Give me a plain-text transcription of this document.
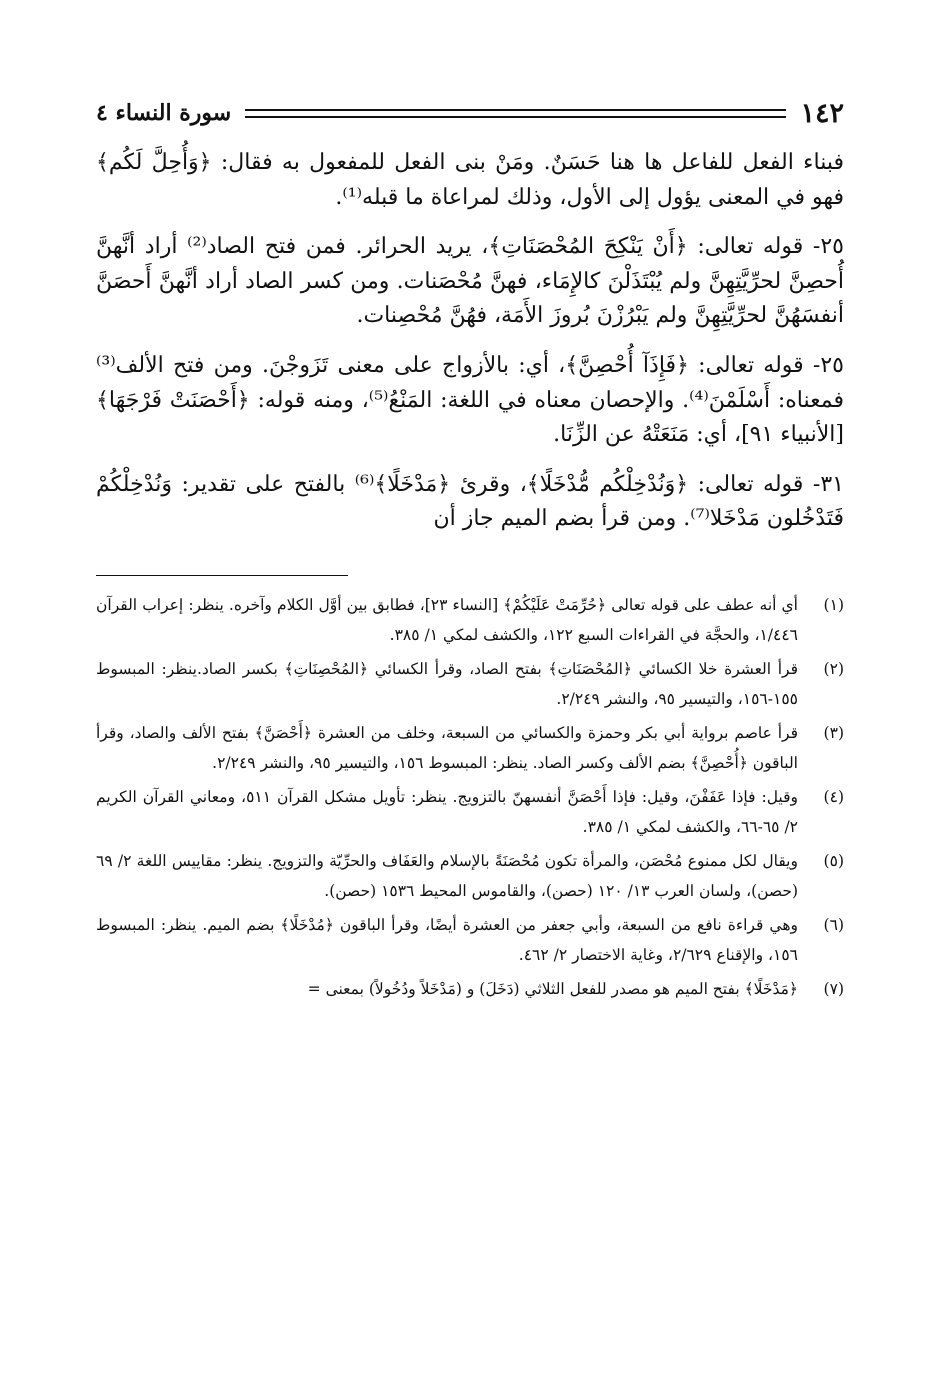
١٤٢
سورة النساء ٤

فبناء الفعل للفاعل ها هنا حَسَنٌ. ومَنْ بنى الفعل للمفعول به فقال: ﴿وَأُحِلَّ لَكُم﴾ فهو في المعنى يؤول إلى الأول، وذلك لمراعاة ما قبله⁽¹⁾.

٢٥- قوله تعالى: ﴿أَنْ يَنْكِحَ المُحْصَنَاتِ﴾، يريد الحرائر. فمن فتح الصاد⁽²⁾ أراد أنَّهنَّ أُحصِنَّ لحرِّيَّتِهِنَّ ولم يُبْتَذَلْنَ كالإِمَاء، فهنَّ مُحْصَنات. ومن كسر الصاد أراد أنَّهنَّ أَحصَنَّ أنفسَهُنَّ لحرِّيَّتِهِنَّ ولم يَبْرُزْنَ بُروزَ الأَمَة، فهُنَّ مُحْصِنات.

٢٥- قوله تعالى: ﴿فَإِذَآ أُحْصِنَّ﴾، أي: بالأزواج على معنى تَزَوجْنَ. ومن فتح الألف⁽³⁾ فمعناه: أَسْلَمْنَ⁽⁴⁾. والإحصان معناه في اللغة: المَنْعُ⁽⁵⁾، ومنه قوله: ﴿أَحْصَنَتْ فَرْجَهَا﴾ [الأنبياء ٩١]، أي: مَنَعَتْهُ عن الزِّنَا.

٣١- قوله تعالى: ﴿وَنُدْخِلْكُم مُّدْخَلًا﴾، وقرئ ﴿مَدْخَلًا﴾⁽⁶⁾ بالفتح على تقدير: وَنُدْخِلْكُمْ فَتَدْخُلون مَدْخَلا⁽⁷⁾. ومن قرأ بضم الميم جاز أن

(١)
أي أنه عطف على قوله تعالى ﴿حُرِّمَتْ عَلَيْكُمْ﴾ [النساء ٢٣]، فطابق بين أوَّل الكلام وآخره. ينظر: إعراب القرآن ١/٤٤٦، والحجَّة في القراءات السبع ١٢٢، والكشف لمكي ١/ ٣٨٥.
(٢)
قرأ العشرة خلا الكسائي ﴿المُحْصَنَاتِ﴾ بفتح الصاد، وقرأ الكسائي ﴿المُحْصِنَاتِ﴾ بكسر الصاد.ينظر: المبسوط ١٥٥-١٥٦، والتيسير ٩٥، والنشر ٢/٢٤٩.
(٣)
قرأ عاصم برواية أبي بكر وحمزة والكسائي من السبعة، وخلف من العشرة ﴿أَحْصَنَّ﴾ بفتح الألف والصاد، وقرأ الباقون ﴿أُحْصِنَّ﴾ بضم الألف وكسر الصاد. ينظر: المبسوط ١٥٦، والتيسير ٩٥، والنشر ٢/٢٤٩.
(٤)
وقيل: فإذا عَفَفْنَ، وقيل: فإذا أَحْصَنَّ أنفسهنّ بالتزويج. ينظر: تأويل مشكل القرآن ٥١١، ومعاني القرآن الكريم ٢/ ٦٥-٦٦، والكشف لمكي ١/ ٣٨٥.
(٥)
ويقال لكل ممنوع مُحْصَن، والمرأة تكون مُحْصَنَةً بالإسلام والعَفَاف والحرِّيّة والتزويج. ينظر: مقاييس اللغة ٢/ ٦٩ (حصن)، ولسان العرب ١٣/ ١٢٠ (حصن)، والقاموس المحيط ١٥٣٦ (حصن).
(٦)
وهي قراءة نافع من السبعة، وأبي جعفر من العشرة أيضًا، وقرأ الباقون ﴿مُدْخَلًا﴾ بضم الميم. ينظر: المبسوط ١٥٦، والإقناع ٢/٦٢٩، وغاية الاختصار ٢/ ٤٦٢.
(٧)
﴿مَدْخَلًا﴾ بفتح الميم هو مصدر للفعل الثلاثي (دَخَلَ) و (مَدْخَلاً ودُخُولاً) بمعنى =
